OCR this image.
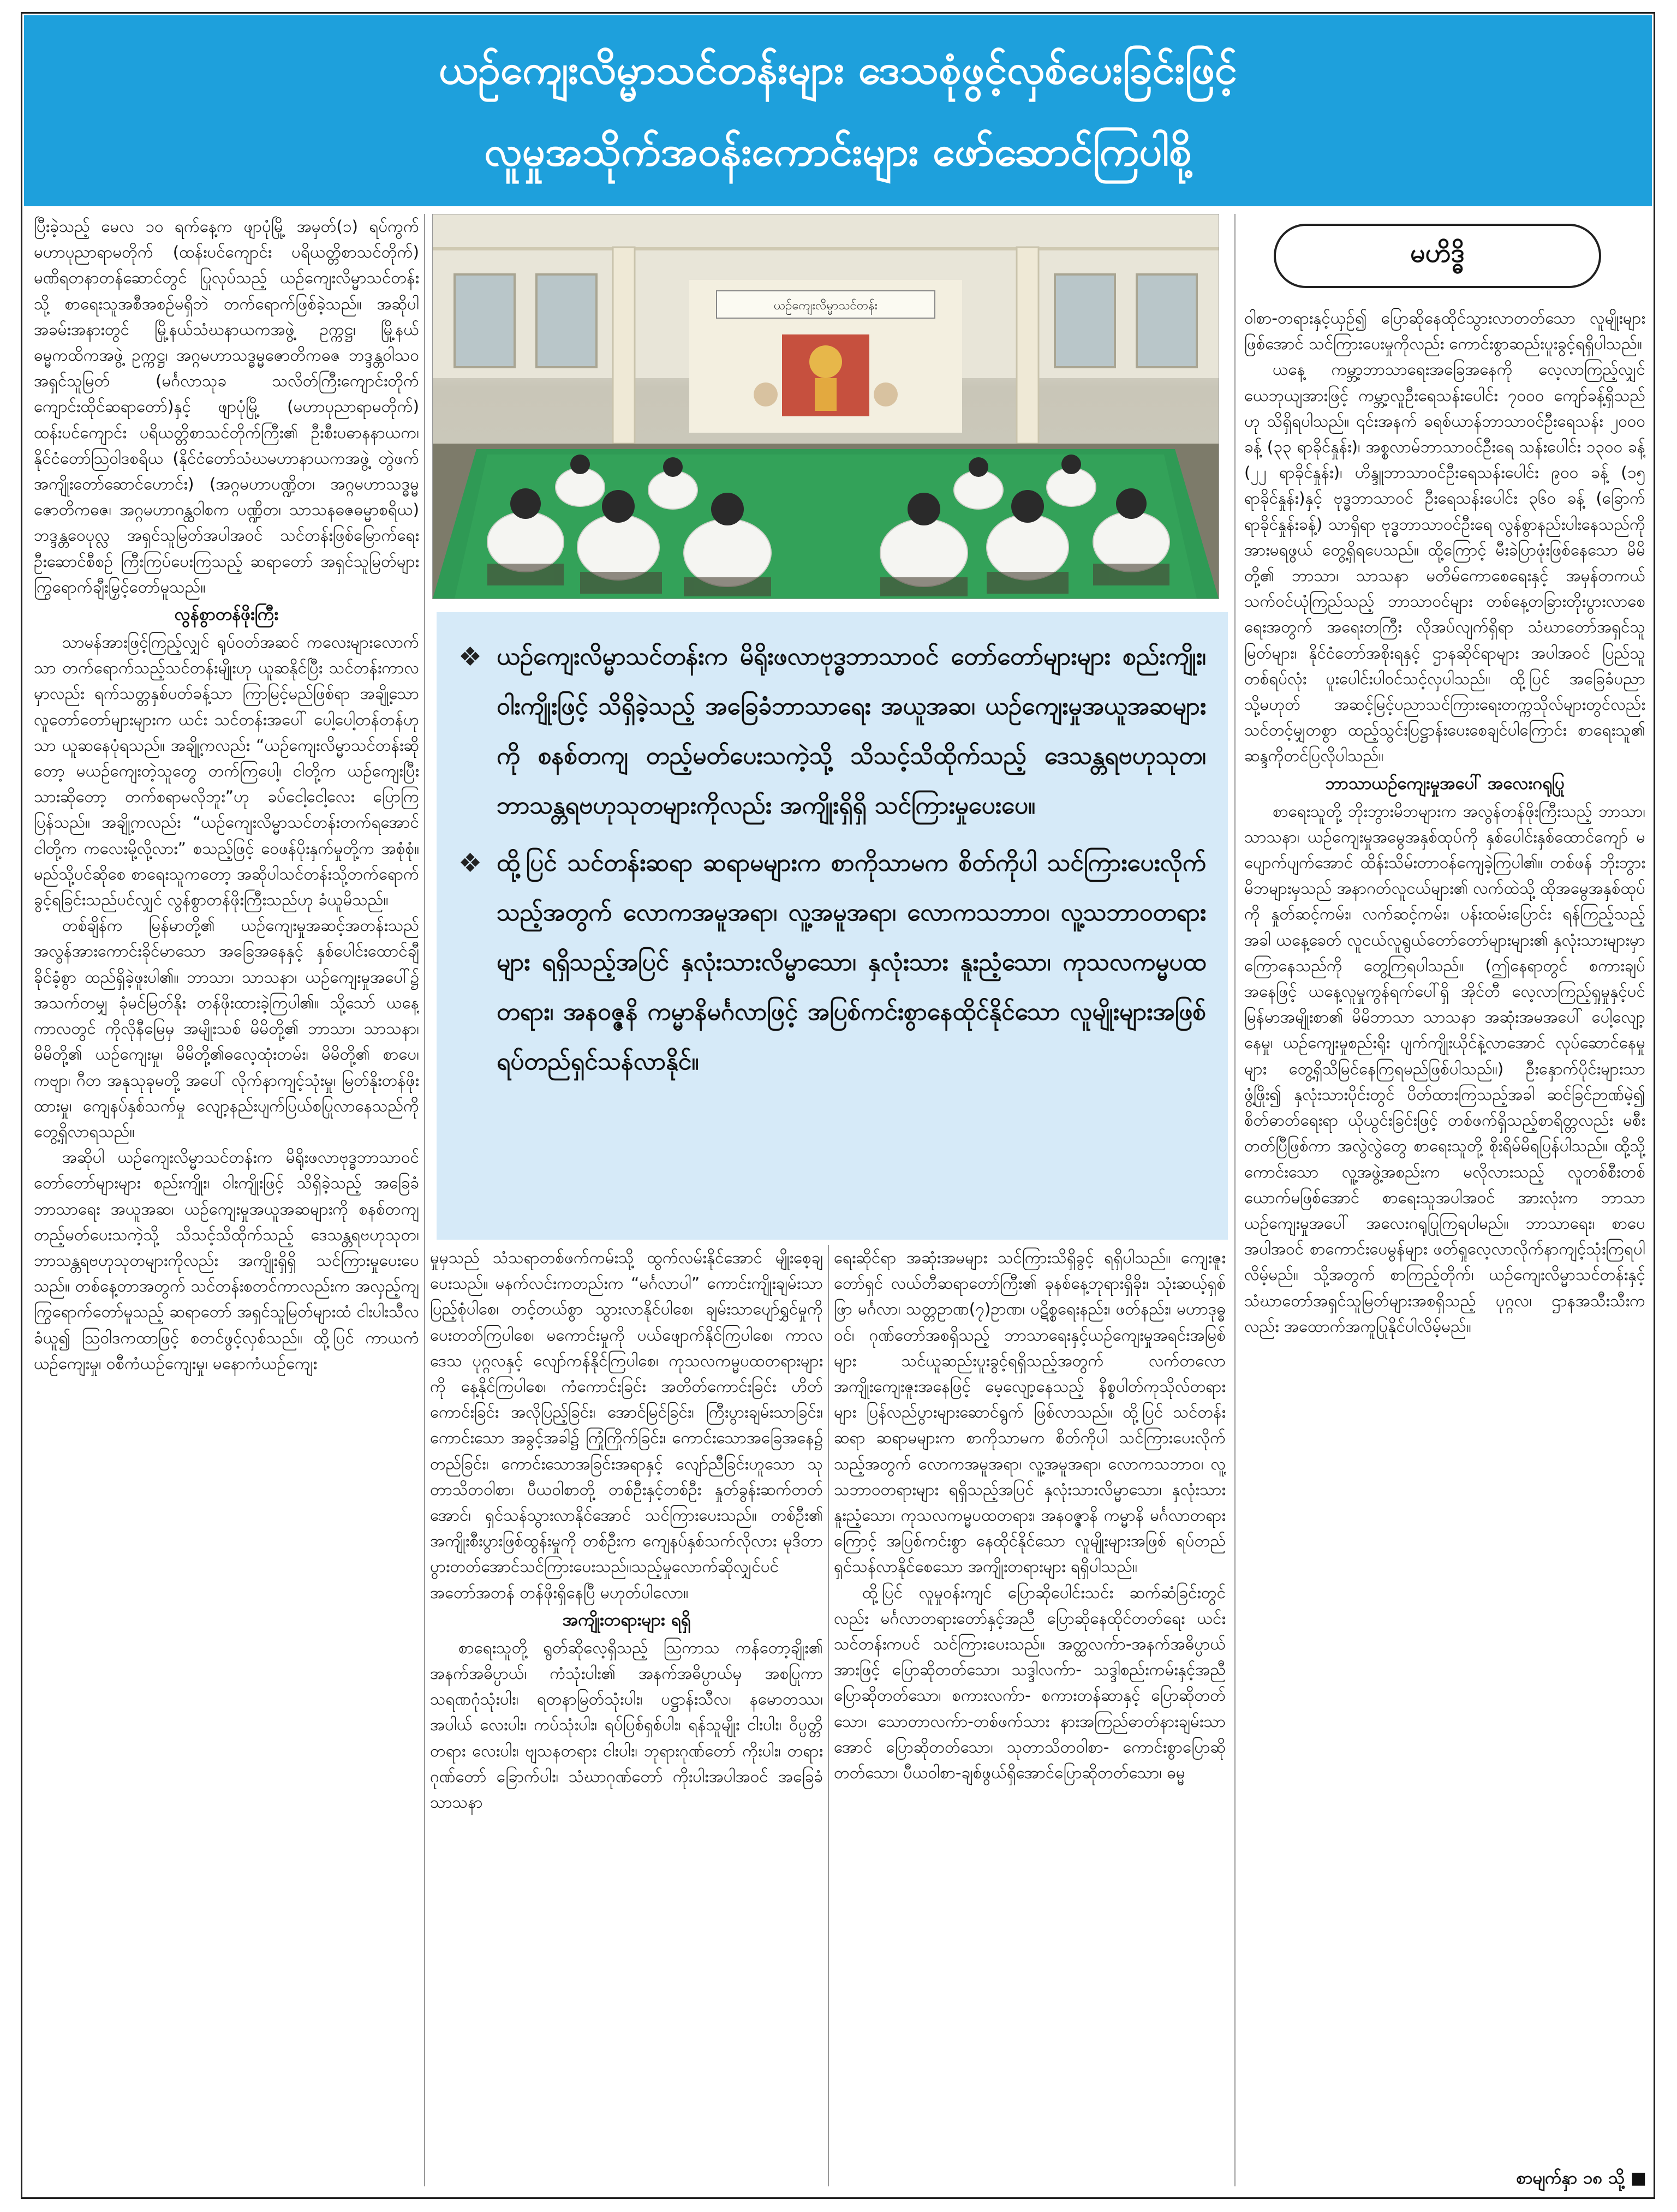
ယဉ်ကျေးလိမ္မာသင်တန်းများ ဒေသစုံဖွင့်လှစ်ပေးခြင်းဖြင့်
လူမှုအသိုက်အဝန်းကောင်းများ ဖော်ဆောင်ကြပါစို့

ပြီးခဲ့သည့် မေလ ၁၀ ရက်နေ့က ဖျာပုံမြို့ အမှတ်(၁) ရပ်ကွက် မဟာပုညာရာမတိုက် (ထန်းပင်ကျောင်း ပရိယတ္တိစာသင်တိုက်) မဏိရတနာတန်ဆောင်တွင် ပြုလုပ်သည့် ယဉ်ကျေးလိမ္မာသင်တန်းသို့ စာရေးသူအစီအစဉ်မရှိဘဲ တက်ရောက်ဖြစ်ခဲ့သည်။ အဆိုပါအခမ်းအနားတွင် မြို့နယ်သံဃနာယကအဖွဲ့ ဥက္ကဋ္ဌ၊ မြို့နယ်ဓမ္မကထိကအဖွဲ့ ဥက္ကဋ္ဌ၊ အဂ္ဂမဟာသဒ္ဓမ္မဇောတိကဓဇ ဘဒ္ဒန္တဝါသဝ အရှင်သူမြတ် (မင်္ဂလာသုခ သလိတ်ကြီးကျောင်းတိုက် ကျောင်းထိုင်ဆရာတော်)နှင့် ဖျာပုံမြို့ (မဟာပုညာရာမတိုက်) ထန်းပင်ကျောင်း ပရိယတ္တိစာသင်တိုက်ကြီး၏ ဦးစီးပဓာနနာယက၊ နိုင်ငံတော်ဩဝါဒစရိယ (နိုင်ငံတော်သံဃမဟာနာယကအဖွဲ့ တွဲဖက်အကျိုးတော်ဆောင်ဟောင်း) (အဂ္ဂမဟာပဏ္ဍိတ၊ အဂ္ဂမဟာသဒ္ဓမ္မဇောတိကဓဇ၊ အဂ္ဂမဟာဂန္ထဝါစက ပဏ္ဍိတ၊ သာသနဓဇဓမ္မာစရိယ) ဘဒ္ဒန္တဝေပုလ္လ အရှင်သူမြတ်အပါအဝင် သင်တန်းဖြစ်မြောက်ရေး ဦးဆောင်စီစဉ် ကြီးကြပ်ပေးကြသည့် ဆရာတော် အရှင်သူမြတ်များ ကြွရောက်ချီးမြှင့်တော်မူသည်။

လွန်စွာတန်ဖိုးကြီး

သာမန်အားဖြင့်ကြည့်လျှင် ရုပ်ဝတ်အဆင် ကလေးများလောက်သာ တက်ရောက်သည့်သင်တန်းမျိုးဟု ယူဆနိုင်ပြီး သင်တန်းကာလမှာလည်း ရက်သတ္တနှစ်ပတ်ခန့်သာ ကြာမြင့်မည်ဖြစ်ရာ အချို့သောလူတော်တော်များများက ယင်း သင်တန်းအပေါ် ပေါ့ပေါ့တန်တန်ဟုသာ ယူဆနေပုံရသည်။ အချို့ကလည်း “ယဉ်ကျေးလိမ္မာသင်တန်းဆိုတော့ မယဉ်ကျေးတဲ့သူတွေ တက်ကြပေါ့၊ ငါတို့က ယဉ်ကျေးပြီးသားဆိုတော့ တက်စရာမလိုဘူး”ဟု ခပ်ငေါ့ငေါ့လေး ပြောကြပြန်သည်။ အချို့ကလည်း “ယဉ်ကျေးလိမ္မာသင်တန်းတက်ရအောင် ငါတို့က ကလေးမို့လို့လား” စသည့်ဖြင့် ဝေဖန်ပိုးနှက်မှုတို့က အစုံစုံ။ မည်သို့ပင်ဆိုစေ စာရေးသူကတော့ အဆိုပါသင်တန်းသို့တက်ရောက်ခွင့်ရခြင်းသည်ပင်လျှင် လွန်စွာတန်ဖိုးကြီးသည်ဟု ခံယူမိသည်။

တစ်ချိန်က မြန်မာတို့၏ ယဉ်ကျေးမှုအဆင့်အတန်းသည် အလွန်အားကောင်းခိုင်မာသော အခြေအနေနှင့် နှစ်ပေါင်းထောင်ချီ ခိုင်ခံ့စွာ ထည်ရှိခဲ့ဖူးပါ၏။ ဘာသာ၊ သာသနာ၊ ယဉ်ကျေးမှုအပေါ်၌ အသက်တမျှ ခုံမင်မြတ်နိုး တန်ဖိုးထားခဲ့ကြပါ၏။ သို့သော် ယနေ့ကာလတွင် ကိုလိုနီမြေမှ အမျိုးသစ် မိမိတို့၏ ဘာသာ၊ သာသနာ၊ မိမိတို့၏ ယဉ်ကျေးမှု၊ မိမိတို့၏ဓလေ့ထုံးတမ်း၊ မိမိတို့၏ စာပေ၊ ကဗျာ၊ ဂီတ အနုသုခုမတို့ အပေါ် လိုက်နာကျင့်သုံးမှု၊ မြတ်နိုးတန်ဖိုးထားမှု၊ ကျေနပ်နှစ်သက်မှု လျော့နည်းပျက်ပြယ်စပြုလာနေသည်ကို တွေ့ရှိလာရသည်။

အဆိုပါ ယဉ်ကျေးလိမ္မာသင်တန်းက မိရိုးဖလာဗုဒ္ဓဘာသာဝင်တော်တော်များများ စည်းကျိုး၊ ဝါးကျိုးဖြင့် သိရှိခဲ့သည့် အခြေခံဘာသာရေး အယူအဆ၊ ယဉ်ကျေးမှုအယူအဆများကို စနစ်တကျ တည့်မတ်ပေးသကဲ့သို့ သိသင့်သိထိုက်သည့် ဒေသန္တရဗဟုသုတ၊ ဘာသန္တရဗဟုသုတများကိုလည်း အကျိုးရှိရှိ သင်ကြားမှုပေးပေသည်။ တစ်နေ့တာအတွက် သင်တန်းစတင်ကာလည်းက အလှည့်ကျကြွရောက်တော်မူသည့် ဆရာတော် အရှင်သူမြတ်များထံ ငါးပါးသီလခံယူ၍ ဩဝါဒကထာဖြင့် စတင်ဖွင့်လှစ်သည်။ ထို့ပြင် ကာယကံ ယဉ်ကျေးမှု၊ ဝစီကံယဉ်ကျေးမှု၊ မနောကံယဉ်ကျေး

ယဉ်ကျေးလိမ္မာသင်တန်း
မဟိဒ္ဓိ
❖ ယဉ်ကျေးလိမ္မာသင်တန်းက မိရိုးဖလာဗုဒ္ဓဘာသာဝင် တော်တော်များများ စည်းကျိုး၊ ဝါးကျိုးဖြင့် သိရှိခဲ့သည့် အခြေခံဘာသာရေး အယူအဆ၊ ယဉ်ကျေးမှုအယူအဆများကို စနစ်တကျ တည့်မတ်ပေးသကဲ့သို့ သိသင့်သိထိုက်သည့် ဒေသန္တရဗဟုသုတ၊ ဘာသန္တရဗဟုသုတများကိုလည်း အကျိုးရှိရှိ သင်ကြားမှုပေးပေ။
❖ ထို့ပြင် သင်တန်းဆရာ ဆရာမများက စာကိုသာမက စိတ်ကိုပါ သင်ကြားပေးလိုက်သည့်အတွက် လောကအမူအရာ၊ လူ့အမူအရာ၊ လောကသဘာဝ၊ လူ့သဘာဝတရားများ ရရှိသည့်အပြင် နှလုံးသားလိမ္မာသော၊ နှလုံးသား နူးညံ့သော၊ ကုသလကမ္မပထတရား၊ အနဝဇ္ဇနိ ကမ္မာနိမင်္ဂလာဖြင့် အပြစ်ကင်းစွာနေထိုင်နိုင်သော လူမျိုးများအဖြစ် ရပ်တည်ရှင်သန်လာနိုင်။

မှုမှသည် သံသရာတစ်ဖက်ကမ်းသို့ ထွက်လမ်းနိုင်အောင် မျိုးစေ့ချပေးသည်။ မနက်လင်းကတည်းက “မင်္ဂလာပါ” ကောင်းကျိုးချမ်းသာပြည့်စုံပါစေ၊ တင့်တယ်စွာ သွားလာနိုင်ပါစေ၊ ချမ်းသာပျော်ရွှင်မှုကို ပေးတတ်ကြပါစေ၊ မကောင်းမှုကို ပယ်ဖျောက်နိုင်ကြပါစေ၊ ကာလဒေသ ပုဂ္ဂလနှင့် လျော်ကန်နိုင်ကြပါစေ၊ ကုသလကမ္မပထတရားများကို နေ့နိုင်ကြပါစေ၊ ကံကောင်းခြင်း အတိတ်ကောင်းခြင်း ဟိတ်ကောင်းခြင်း အလိုပြည့်ခြင်း၊ အောင်မြင်ခြင်း၊ ကြီးပွားချမ်းသာခြင်း၊ ကောင်းသော အခွင့်အခါ၌ ကြုံကြိုက်ခြင်း၊ ကောင်းသောအခြေအနေ၌ တည်ခြင်း၊ ကောင်းသောအခြင်းအရာနှင့် လျော်ညီခြင်းဟူသော သုတာသိတဝါစာ၊ ပီယဝါစာတို့ တစ်ဦးနှင့်တစ်ဦး နှုတ်ခွန်းဆက်တတ်အောင်၊ ရှင်သန်သွားလာနိုင်အောင် သင်ကြားပေးသည်။ တစ်ဦး၏ အကျိုးစီးပွားဖြစ်ထွန်းမှုကို တစ်ဦးက ကျေနပ်နှစ်သက်လိုလား မုဒိတာပွားတတ်အောင်သင်ကြားပေးသည်။သည့်မှုလောက်ဆိုလျှင်ပင် အတော်အတန် တန်ဖိုးရှိနေပြီ မဟုတ်ပါလော။

အကျိုးတရားများ ရရှိ

စာရေးသူတို့ ရွတ်ဆိုလေ့ရှိသည့် ဩကာသ ကန်တော့ချိုး၏ အနက်အဓိပ္ပာယ်၊ ကံသုံးပါး၏ အနက်အဓိပ္ပာယ်မှ အစပြုကာ သရဏဂုံသုံးပါး၊ ရတနာမြတ်သုံးပါး၊ ပဋ္ဌာန်းသီလ၊ နမောတဿ၊ အပါယ် လေးပါး၊ ကပ်သုံးပါး၊ ရပ်ပြစ်ရှစ်ပါး၊ ရန်သူမျိုး ငါးပါး၊ ဝိပ္ပတ္တိတရား လေးပါး၊ ဗျသနတရား ငါးပါး၊ ဘုရားဂုဏ်တော် ကိုးပါး၊ တရားဂုဏ်တော် ခြောက်ပါး၊ သံဃာဂုဏ်တော် ကိုးပါးအပါအဝင် အခြေခံသာသနာ

ရေးဆိုင်ရာ အဆုံးအမများ သင်ကြားသိရှိခွင့် ရရှိပါသည်။ ကျေးဇူးတော်ရှင် လယ်တီဆရာတော်ကြီး၏ ခုနစ်နေ့ဘုရားရှိခိုး၊ သုံးဆယ့်ရှစ်ဖြာ မင်္ဂလာ၊ သတ္တဥာဏ(၇)ဥာဏ၊ ပဋိစ္စရေးနည်း၊ ဖတ်နည်း၊ မဟာဒုဓ္ဓဝင်၊ ဂုဏ်တော်အစရှိသည့် ဘာသာရေးနှင့်ယဉ်ကျေးမှုအရင်းအမြစ်များ သင်ယူဆည်းပူးခွင့်ရရှိသည့်အတွက် လက်တလောအကျိုးကျေးဇူးအနေဖြင့် မေ့လျော့နေသည့် နိစ္စပါတ်ကုသိုလ်တရားများ ပြန်လည်ပွားများဆောင်ရွက် ဖြစ်လာသည်။ ထို့ပြင် သင်တန်း ဆရာ ဆရာမများက စာကိုသာမက စိတ်ကိုပါ သင်ကြားပေးလိုက်သည့်အတွက် လောကအမူအရာ၊ လူ့အမူအရာ၊ လောကသဘာဝ၊ လူ့သဘာဝတရားများ ရရှိသည့်အပြင် နှလုံးသားလိမ္မာသော၊ နှလုံးသားနူးညံ့သော၊ ကုသလကမ္မပထတရား၊ အနဝဇ္ဇာနိ ကမ္မာနိ မင်္ဂလာတရား ကြောင့် အပြစ်ကင်းစွာ နေထိုင်နိုင်သော လူမျိုးများအဖြစ် ရပ်တည်ရှင်သန်လာနိုင်စေသော အကျိုးတရားများ ရရှိပါသည်။

ထို့ပြင် လူမှုဝန်းကျင် ပြောဆိုပေါင်းသင်း ဆက်ဆံခြင်းတွင်လည်း မင်္ဂလာတရားတော်နှင့်အညီ ပြောဆိုနေထိုင်တတ်ရေး ယင်းသင်တန်းကပင် သင်ကြားပေးသည်။ အတ္ထလက်ာ-အနက်အဓိပ္ပာယ်အားဖြင့် ပြောဆိုတတ်သော၊ သဒ္ဒါလက်ာ- သဒ္ဒါစည်းကမ်းနှင့်အညီ ပြောဆိုတတ်သော၊ စကားလက်ာ- စကားတန်ဆာနှင့် ပြောဆိုတတ်သော၊ သောတာလက်ာ-တစ်ဖက်သား နားအကြည်ဓာတ်နားချမ်းသာအောင် ပြောဆိုတတ်သော၊ သုတာသိတဝါစာ- ကောင်းစွာပြောဆိုတတ်သော၊ ပီယဝါစာ-ချစ်ဖွယ်ရှိအောင်ပြောဆိုတတ်သော၊ ဓမ္မ

ဝါစာ-တရားနှင့်ယှဉ်၍ ပြောဆိုနေထိုင်သွားလာတတ်သော လူမျိုးများဖြစ်အောင် သင်ကြားပေးမှုကိုလည်း ကောင်းစွာဆည်းပူးခွင့်ရရှိပါသည်။

ယနေ့ ကမ္ဘာ့ဘာသာရေးအခြေအနေကို လေ့လာကြည့်လျှင် ယေဘုယျအားဖြင့် ကမ္ဘာ့လူဦးရေသန်းပေါင်း ၇၀၀၀ ကျော်ခန့်ရှိသည်ဟု သိရှိရပါသည်။ ၎င်းအနက် ခရစ်ယာန်ဘာသာဝင်ဦးရေသန်း ၂၀၀၀ ခန့် (၃၃ ရာခိုင်နှုန်း)၊ အစ္စလာမ်ဘာသာဝင်ဦးရေ သန်းပေါင်း ၁၃၀၀ ခန့် (၂၂ ရာခိုင်နှုန်း)၊ ဟိန္ဒူဘာသာဝင်ဦးရေသန်းပေါင်း ၉၀၀ ခန့် (၁၅ ရာခိုင်နှုန်း)နှင့် ဗုဒ္ဓဘာသာဝင် ဦးရေသန်းပေါင်း ၃၆၀ ခန့် (ခြောက်ရာခိုင်နှုန်းခန့်) သာရှိရာ ဗုဒ္ဓဘာသာဝင်ဦးရေ လွန်စွာနည်းပါးနေသည်ကို အားမရဖွယ် တွေ့ရှိရပေသည်။ ထို့ကြောင့် မီးခဲပြာဖုံးဖြစ်နေသော မိမိတို့၏ ဘာသာ၊ သာသနာ မတိမ်ကောစေရေးနှင့် အမှန်တကယ် သက်ဝင်ယုံကြည်သည့် ဘာသာဝင်များ တစ်နေ့တခြားတိုးပွားလာစေရေးအတွက် အရေးတကြီး လိုအပ်လျက်ရှိရာ သံဃာတော်အရှင်သူမြတ်များ၊ နိုင်ငံတော်အစိုးရနှင့် ဌာနဆိုင်ရာများ အပါအဝင် ပြည်သူတစ်ရပ်လုံး ပူးပေါင်းပါဝင်သင့်လှပါသည်။ ထို့ပြင် အခြေခံပညာ သို့မဟုတ် အဆင့်မြင့်ပညာသင်ကြားရေးတက္ကသိုလ်များတွင်လည်း သင်တင့်မျှတစွာ ထည့်သွင်းပြဋ္ဌာန်းပေးစေချင်ပါကြောင်း စာရေးသူ၏ ဆန္ဒကိုတင်ပြလိုပါသည်။

ဘာသာယဉ်ကျေးမှုအပေါ် အလေးဂရုပြု

စာရေးသူတို့ ဘိုးဘွားမိဘများက အလွန်တန်ဖိုးကြီးသည့် ဘာသာ၊ သာသနာ၊ ယဉ်ကျေးမှုအမွေအနှစ်ထုပ်ကို နှစ်ပေါင်းနှစ်ထောင်ကျော် မပျောက်ပျက်အောင် ထိန်းသိမ်းတာဝန်ကျေခဲ့ကြပါ၏။ တစ်ဖန် ဘိုးဘွားမိဘများမှသည် အနာဂတ်လူငယ်များ၏ လက်ထဲသို့ ထိုအမွေအနှစ်ထုပ်ကို နှုတ်ဆင့်ကမ်း၊ လက်ဆင့်ကမ်း၊ ပန်းထမ်းပြောင်း ရန်ကြည့်သည့်အခါ ယနေ့ခေတ် လူငယ်လူရွယ်တော်တော်များများ၏ နှလုံးသားများမှာကြောနေသည်ကို တွေ့ကြရပါသည်။ (ဤနေရာတွင် စကားချပ်အနေဖြင့် ယနေ့လူမှုကွန်ရက်ပေါ်ရှိ အိုင်တီ လေ့လာကြည့်ရှုမှုနှင့်ပင် မြန်မာအမျိုးစာ၏ မိမိဘာသာ သာသနာ အဆုံးအမအပေါ် ပေါ့လျော့နေမှု၊ ယဉ်ကျေးမှုစည်းရိုး ပျက်ကျိုးယိုင်နဲ့လာအောင် လုပ်ဆောင်နေမှုများ တွေ့ရှိသိမြင်နေကြရမည်ဖြစ်ပါသည်။) ဦးနှောက်ပိုင်းများသာဖွံ့ဖြိုး၍ နှလုံးသားပိုင်းတွင် ပိတ်ထားကြသည့်အခါ ဆင်ခြင်ဉာဏ်မဲ့၍ စိတ်ဓာတ်ရေးရာ ယိုယွင်းခြင်းဖြင့် တစ်ဖက်ရှိသည့်စာရိတ္တလည်း မစီးတတ်ပြီဖြစ်ကာ အလွဲလွဲတွေ စာရေးသူတို့ စိုးရိမ်မိရပြန်ပါသည်။ ထို့သို့ ကောင်းသော လူ့အဖွဲ့အစည်းက မလိုလားသည့် လူတစ်စီးတစ်ယောက်မဖြစ်အောင် စာရေးသူအပါအဝင် အားလုံးက ဘာသာယဉ်ကျေးမှုအပေါ် အလေးဂရုပြုကြရပါမည်။ ဘာသာရေး၊ စာပေအပါအဝင် စာကောင်းပေမွန်များ ဖတ်ရှုလေ့လာလိုက်နာကျင့်သုံးကြရပါလိမ့်မည်။ သို့အတွက် စာကြည့်တိုက်၊ ယဉ်ကျေးလိမ္မာသင်တန်းနှင့် သံဃာတော်အရှင်သူမြတ်များအစရှိသည့် ပုဂ္ဂလ၊ ဌာနအသီးသီးကလည်း အထောက်အကူပြုနိုင်ပါလိမ့်မည်။

စာမျက်နှာ ၁၈ သို့ ■
